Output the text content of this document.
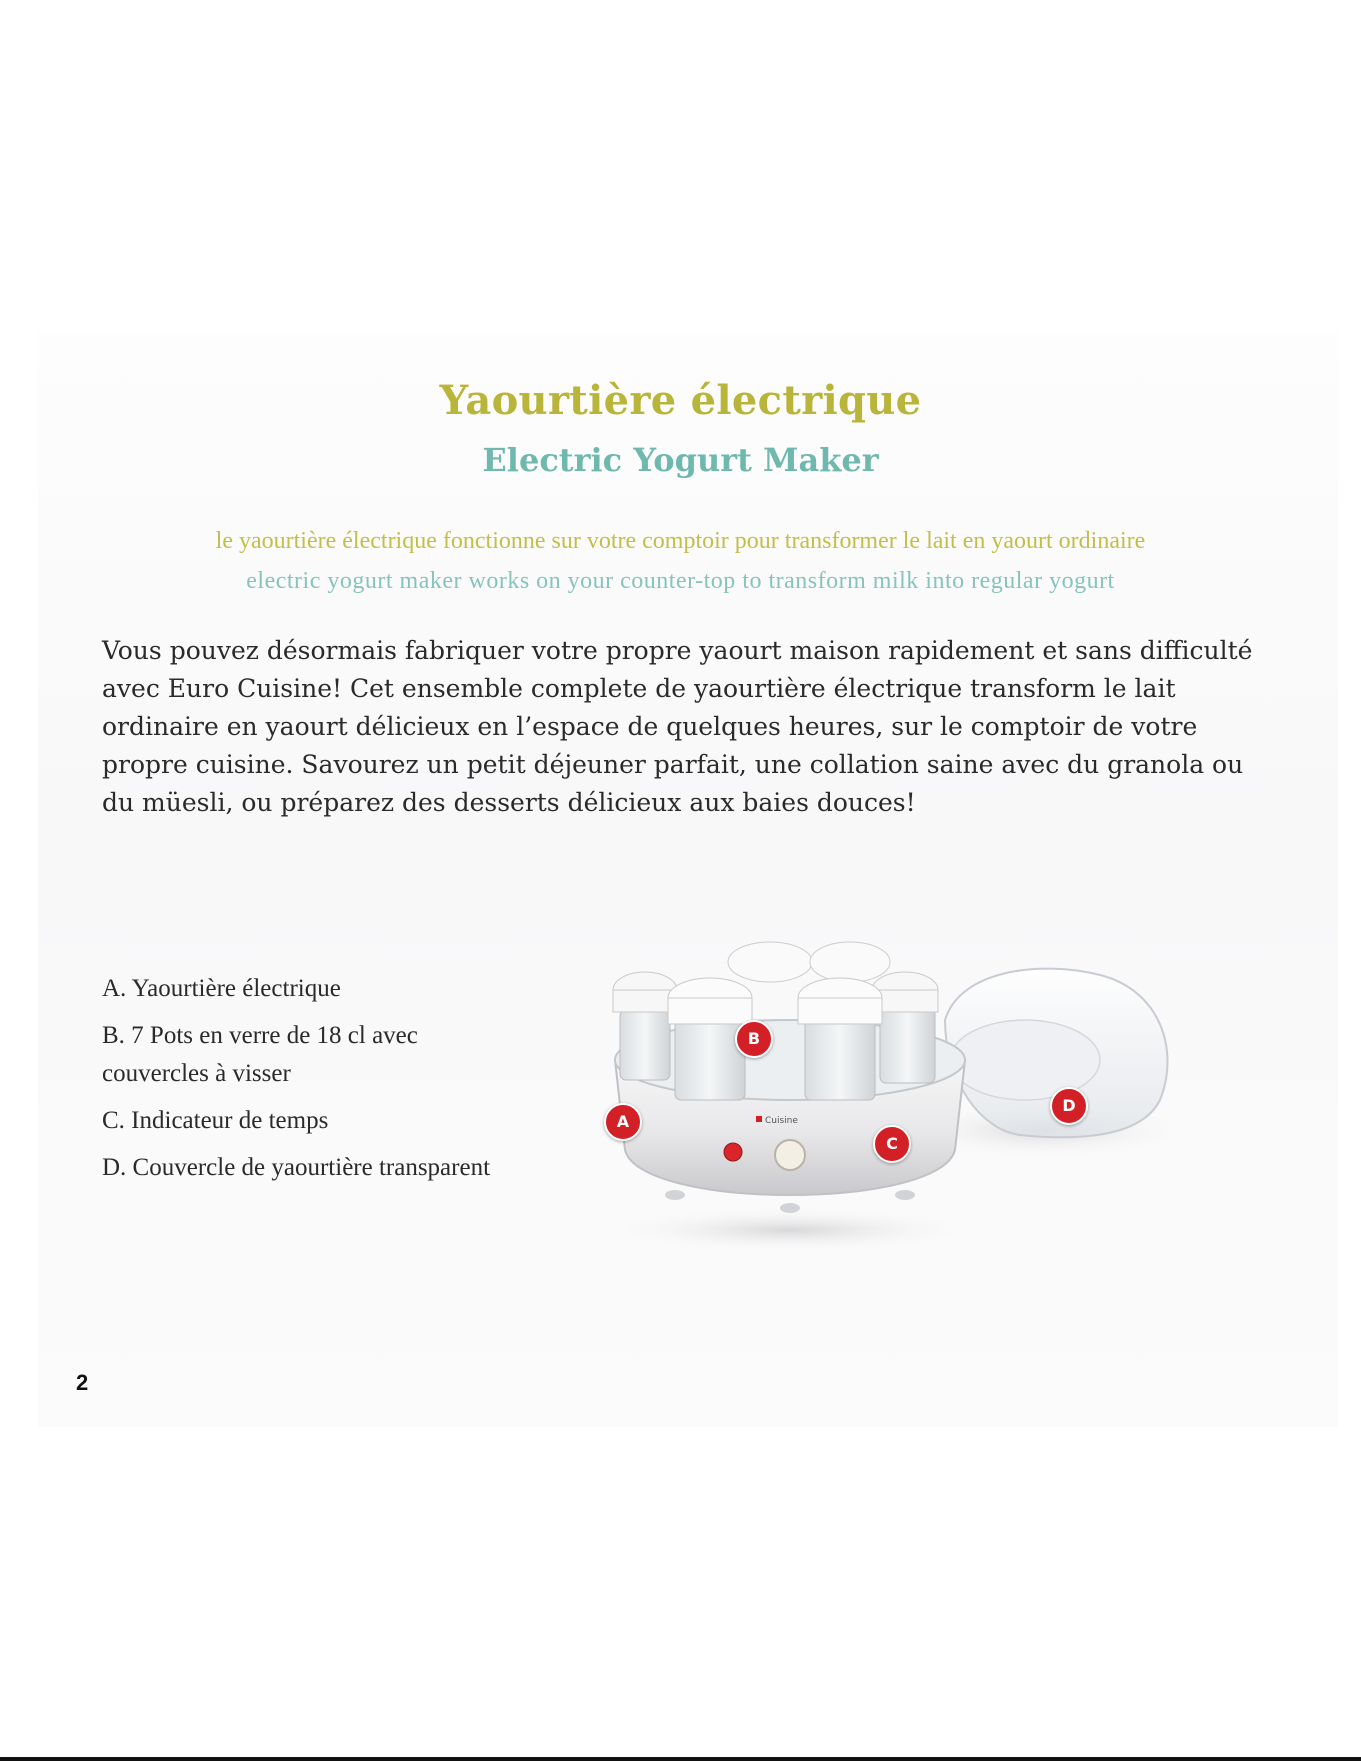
Yaourtière électrique
Electric Yogurt Maker
le yaourtière électrique fonctionne sur votre comptoir pour transformer le lait en yaourt ordinaire
electric yogurt maker works on your counter-top to transform milk into regular yogurt

Vous pouvez désormais fabriquer votre propre yaourt maison rapidement et sans difficulté avec Euro Cuisine! Cet ensemble complete de yaourtière électrique transform le lait ordinaire en yaourt délicieux en l’espace de quelques heures, sur le comptoir de votre propre cuisine. Savourez un petit déjeuner parfait, une collation saine avec du granola ou du müesli, ou préparez des desserts délicieux aux baies douces!

A. Yaourtière électrique
B. 7 Pots en verre de 18 cl avec couvercles à visser
C. Indicateur de temps
D. Couvercle de yaourtière transparent
Cuisine
A
B
C
D
2
